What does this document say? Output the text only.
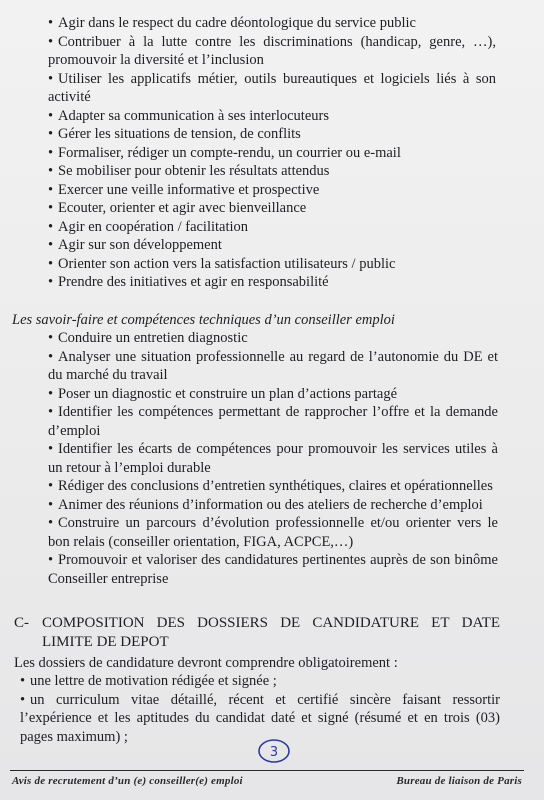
• Agir dans le respect du cadre déontologique du service public

• Contribuer à la lutte contre les discriminations (handicap, genre, …), promouvoir la diversité et l’inclusion

• Utiliser les applicatifs métier, outils bureautiques et logiciels liés à son activité

• Adapter sa communication à ses interlocuteurs

• Gérer les situations de tension, de conflits

• Formaliser, rédiger un compte-rendu, un courrier ou e-mail

• Se mobiliser pour obtenir les résultats attendus

• Exercer une veille informative et prospective

• Ecouter, orienter et agir avec bienveillance

• Agir en coopération / facilitation

• Agir sur son développement

• Orienter son action vers la satisfaction utilisateurs / public

• Prendre des initiatives et agir en responsabilité

Les savoir-faire et compétences techniques d’un conseiller emploi

• Conduire un entretien diagnostic

• Analyser une situation professionnelle au regard de l’autonomie du DE et du marché du travail

• Poser un diagnostic et construire un plan d’actions partagé

• Identifier les compétences permettant de rapprocher l’offre et la demande d’emploi

• Identifier les écarts de compétences pour promouvoir les services utiles à un retour à l’emploi durable

• Rédiger des conclusions d’entretien synthétiques, claires et opérationnelles

• Animer des réunions d’information ou des ateliers de recherche d’emploi

• Construire un parcours d’évolution professionnelle et/ou orienter vers le bon relais (conseiller orientation, FIGA, ACPCE,…)

• Promouvoir et valoriser des candidatures pertinentes auprès de son binôme Conseiller entreprise

C- COMPOSITION DES DOSSIERS DE CANDIDATURE ET DATE
LIMITE DE DEPOT
Les dossiers de candidature devront comprendre obligatoirement :

• une lettre de motivation rédigée et signée ;

• un curriculum vitae détaillé, récent et certifié sincère faisant ressortir l’expérience et les aptitudes du candidat daté et signé (résumé et en trois (03) pages maximum) ;

3
Avis de recrutement d’un (e) conseiller(e) emploi	Bureau de liaison de Paris
